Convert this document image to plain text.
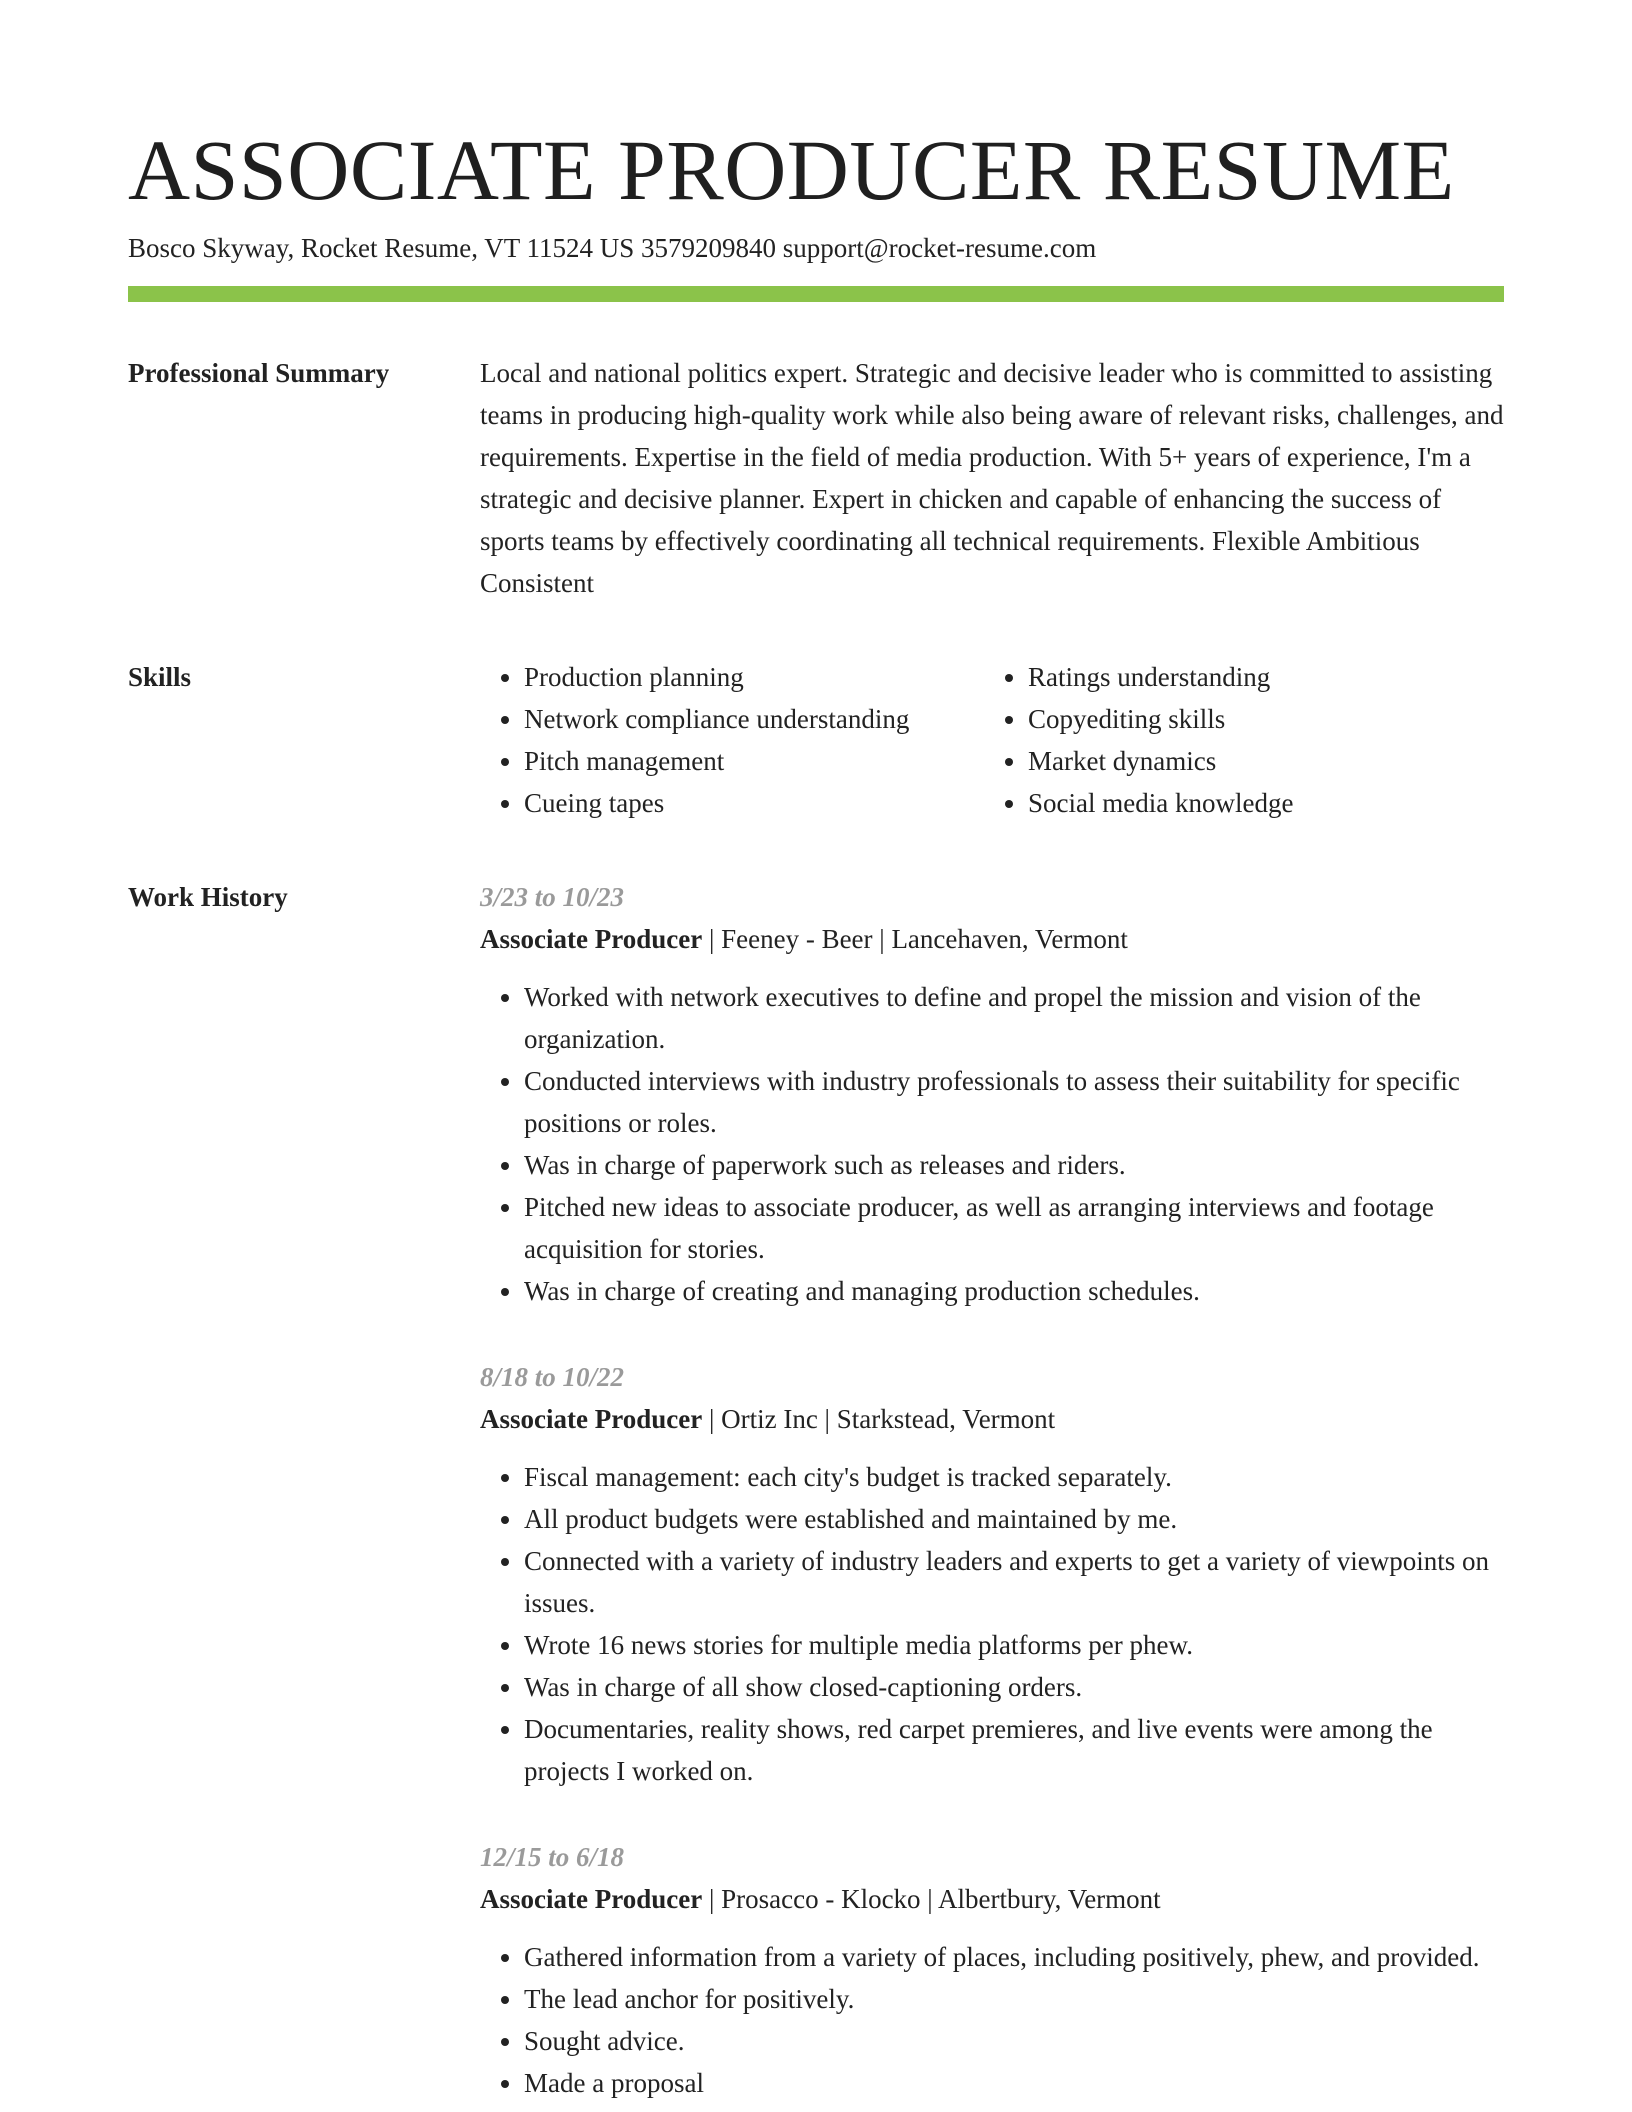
ASSOCIATE PRODUCER RESUME
Bosco Skyway, Rocket Resume, VT 11524 US 3579209840 support@rocket-resume.com
Professional Summary	Local and national politics expert. Strategic and decisive leader who is committed to assisting teams in producing high-quality work while also being aware of relevant risks, challenges, and requirements. Expertise in the field of media production. With 5+ years of experience, I'm a strategic and decisive planner. Expert in chicken and capable of enhancing the success of sports teams by effectively coordinating all technical requirements. Flexible Ambitious Consistent

Skills
•	Production planning
• Network compliance understanding
• Pitch management
• Cueing tapes
• Ratings understanding
• Copyediting skills
• Market dynamics
• Social media knowledge
Work History	3/23 to 10/23
Associate Producer | Feeney - Beer | Lancehaven, Vermont
• Worked with network executives to define and propel the mission and vision of the organization.
• Conducted interviews with industry professionals to assess their suitability for specific positions or roles.
• Was in charge of paperwork such as releases and riders.
• Pitched new ideas to associate producer, as well as arranging interviews and footage acquisition for stories.
• Was in charge of creating and managing production schedules.
8/18 to 10/22
Associate Producer | Ortiz Inc | Starkstead, Vermont
• Fiscal management: each city's budget is tracked separately.
• All product budgets were established and maintained by me.
• Connected with a variety of industry leaders and experts to get a variety of viewpoints on issues.
• Wrote 16 news stories for multiple media platforms per phew.
• Was in charge of all show closed-captioning orders.
• Documentaries, reality shows, red carpet premieres, and live events were among the projects I worked on.
12/15 to 6/18
Associate Producer | Prosacco - Klocko | Albertbury, Vermont
• Gathered information from a variety of places, including positively, phew, and provided.
• The lead anchor for positively.
• Sought advice.
• Made a proposal
